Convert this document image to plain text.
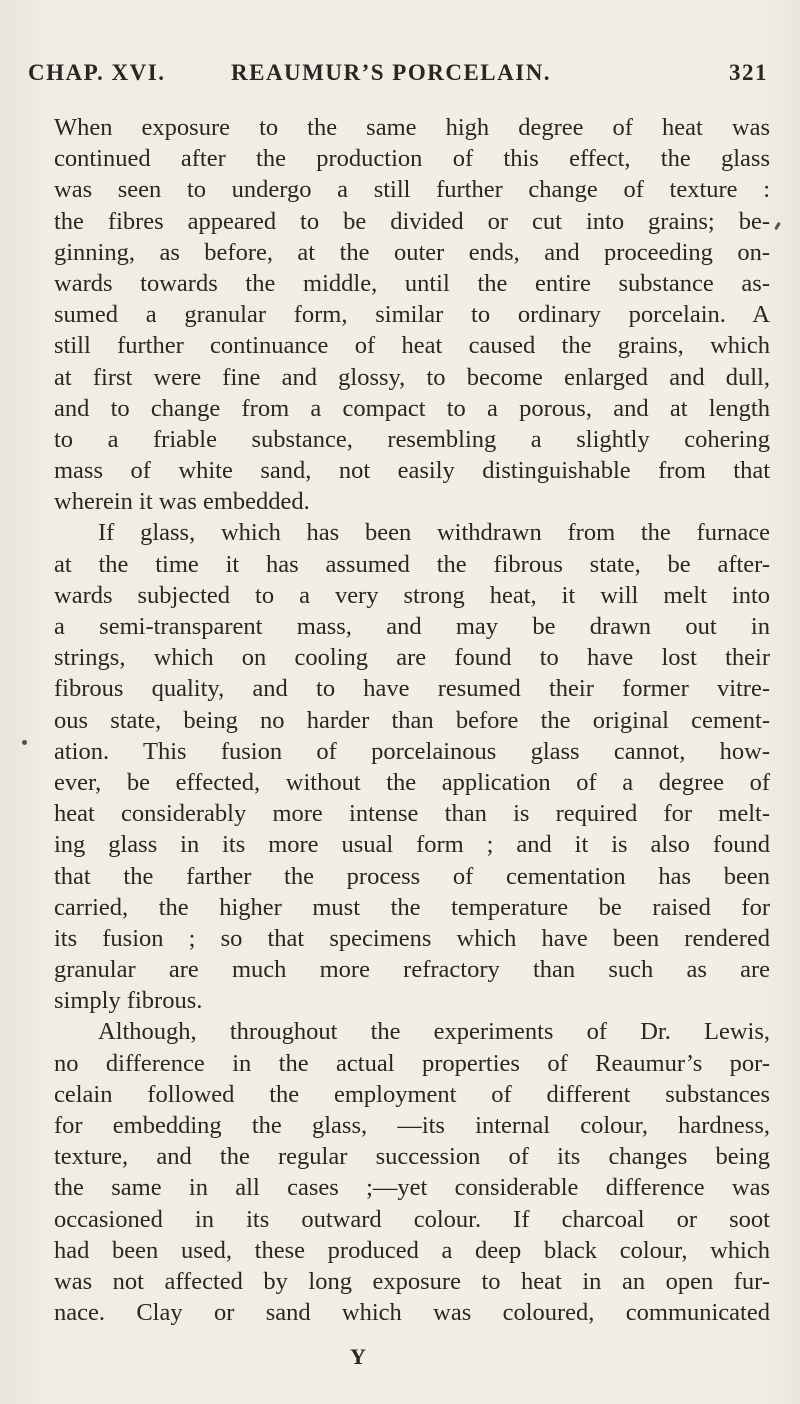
CHAP. XVI.	REAUMUR’S PORCELAIN.	321
When exposure to the same high degree of heat was
continued after the production of this effect, the glass
was seen to undergo a still further change of texture :
the fibres appeared to be divided or cut into grains; be-
ginning, as before, at the outer ends, and proceeding on-
wards towards the middle, until the entire substance as-
sumed a granular form, similar to ordinary porcelain. A
still further continuance of heat caused the grains, which
at first were fine and glossy, to become enlarged and dull,
and to change from a compact to a porous, and at length
to a friable substance, resembling a slightly cohering
mass of white sand, not easily distinguishable from that
wherein it was embedded.
If glass, which has been withdrawn from the furnace
at the time it has assumed the fibrous state, be after-
wards subjected to a very strong heat, it will melt into
a semi-transparent mass, and may be drawn out in
strings, which on cooling are found to have lost their
fibrous quality, and to have resumed their former vitre-
ous state, being no harder than before the original cement-
ation. This fusion of porcelainous glass cannot, how-
ever, be effected, without the application of a degree of
heat considerably more intense than is required for melt-
ing glass in its more usual form ; and it is also found
that the farther the process of cementation has been
carried, the higher must the temperature be raised for
its fusion ; so that specimens which have been rendered
granular are much more refractory than such as are
simply fibrous.
Although, throughout the experiments of Dr. Lewis,
no difference in the actual properties of Reaumur’s por-
celain followed the employment of different substances
for embedding the glass, —its internal colour, hardness,
texture, and the regular succession of its changes being
the same in all cases ;—yet considerable difference was
occasioned in its outward colour. If charcoal or soot
had been used, these produced a deep black colour, which
was not affected by long exposure to heat in an open fur-
nace. Clay or sand which was coloured, communicated
Y
